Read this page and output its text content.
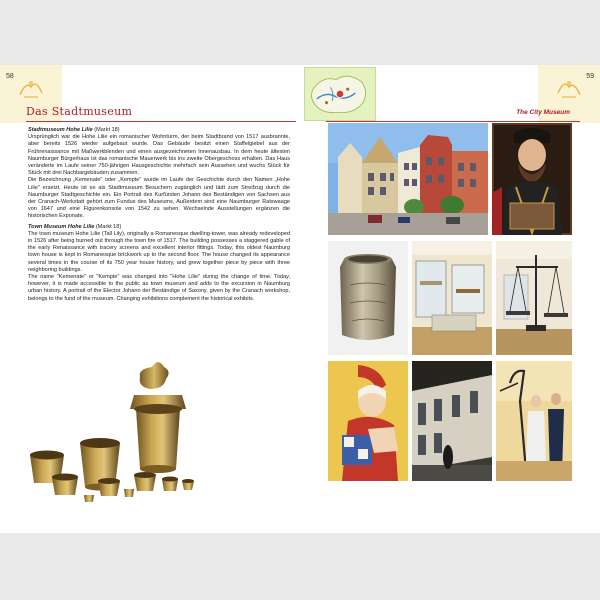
58
Das Stadtmuseum

Stadtmuseum Hohe Lilie (Markt 18)

Ursprünglich war die Hohe Lilie ein romanischer Wohnturm, der beim Stadtbrand von 1517 ausbrannte, aber bereits 1526 wieder aufgebaut wurde. Das Gebäude besitzt einen Staffelgiebel aus der Frührenaissance mit Maßwerkblenden und einen ausgezeichneten Innenausbau. In dem heute ältesten Naumburger Bürgerhaus ist das romanische Mauerwerk bis ins zweite Obergeschoss erhalten. Das Haus veränderte im Laufe seiner 750-jährigen Hausgeschichte mehrfach sein Aussehen und wuchs Stück für Stück mit drei Nachbargebäuden zusammen.

Die Bezeichnung „Kemenate" oder „Kempte" wurde im Laufe der Geschichte durch den Namen „Hohe Lilie" ersetzt. Heute ist es als Stadtmuseum Besuchern zugänglich und lädt zum Streifzug durch die Naumburger Stadtgeschichte ein. Ein Portrait des Kurfürsten Johann des Beständigen von Sachsen aus der Cranach-Werkstatt gehört zum Fundus des Museums, Außerdem sind eine Naumburger Ratswaage von 1647 und eine Figurenkonsole von 1542 zu sehen. Wechselnde Ausstellungen ergänzen die historischen Exponate.

Town Museum Hohe Lilie (Markt 18)

The town museum Hohe Lilie (Tall Lily), originally a Romanesque dwelling-tower, was already redeveloped in 1526 after being burned out through the town fire of 1517. The building possesses a staggered gable of the early Renaissance with tracery screens and excellent interior fittings. Today, this oldest Naumburg town house is kept in Romanesque brickwork up to the second floor. The house changed its appearance several times in the course of its 750 year house history, and grew together piece by piece with three neighboring buildings.

The name "Kemenate" or "Kempte" was changed into "Hohe Lilie" during the change of time. Today, however, it is made accessible to the public as town museum and adds to the excursion in Naumburg urban history. A portrait of the Elector Johann der Beständige of Saxony, given by the Cranach workshop, belongs to the fund of the museum. Changing exhibitions complement the historical exhibits.

59
The City Museum
